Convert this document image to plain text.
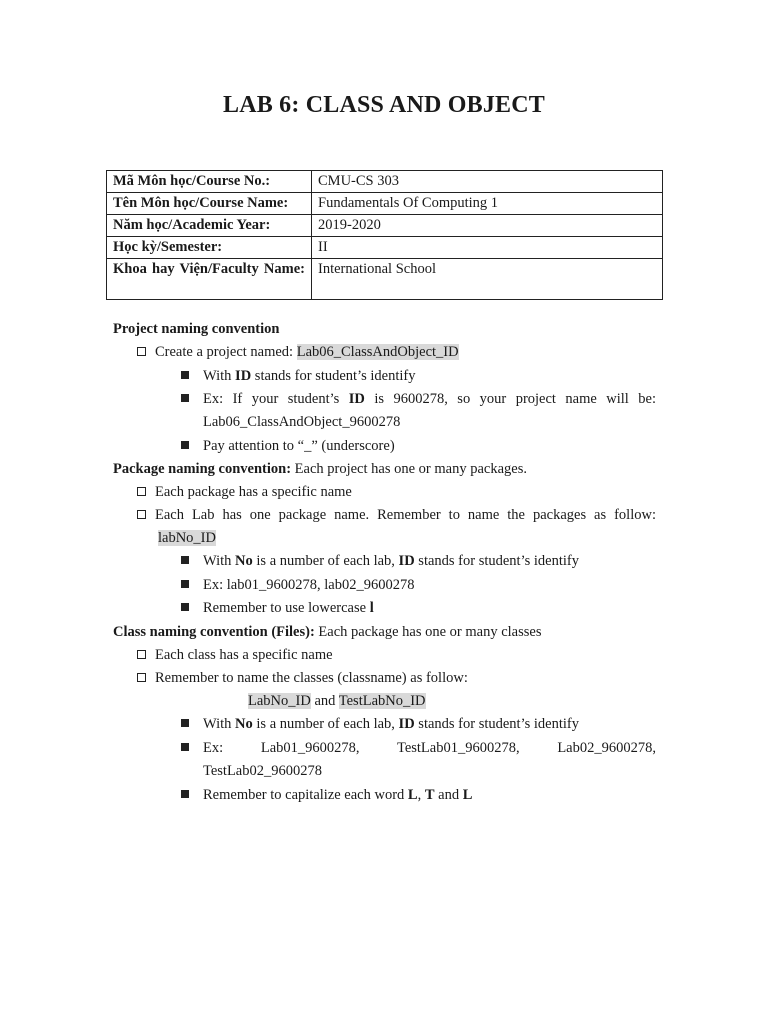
LAB 6: CLASS AND OBJECT
Mã Môn học/Course No.:	CMU-CS 303
Tên Môn học/Course Name:	Fundamentals Of Computing 1
Năm học/Academic Year:	2019-2020
Học kỳ/Semester:	II
Khoa hay Viện/Faculty Name:	International School
Project naming convention
Create a project named: Lab06_ClassAndObject_ID
With ID stands for student’s identify
Ex: If your student’s ID is 9600278, so your project name will be:
Lab06_ClassAndObject_9600278
Pay attention to “_” (underscore)
Package naming convention: Each project has one or many packages.
Each package has a specific name
Each Lab has one package name. Remember to name the packages as follow:
labNo_ID
With No is a number of each lab, ID stands for student’s identify
Ex: lab01_9600278, lab02_9600278
Remember to use lowercase l
Class naming convention (Files): Each package has one or many classes
Each class has a specific name
Remember to name the classes (classname) as follow:
LabNo_ID and TestLabNo_ID
With No is a number of each lab, ID stands for student’s identify
Ex: Lab01_9600278, TestLab01_9600278, Lab02_9600278,
TestLab02_9600278
Remember to capitalize each word L, T and L
